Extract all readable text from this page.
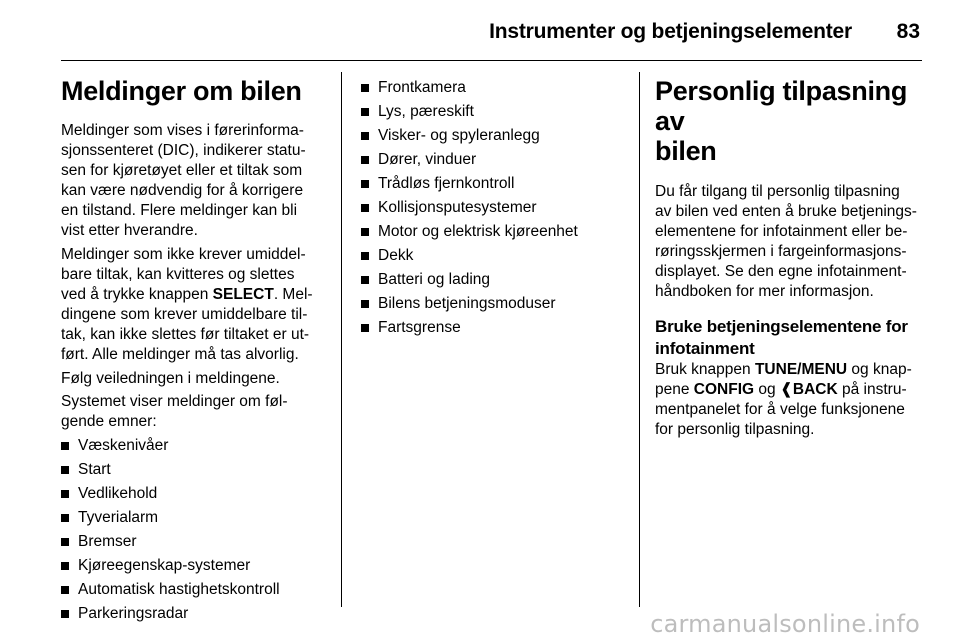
Instrumenter og betjeningselementer 83
Meldinger om bilen

Meldinger som vises i førerinforma-
sjonssenteret (DIC), indikerer statu-
sen for kjøretøyet eller et tiltak som
kan være nødvendig for å korrigere
en tilstand. Flere meldinger kan bli
vist etter hverandre.

Meldinger som ikke krever umiddel-
bare tiltak, kan kvitteres og slettes
ved å trykke knappen SELECT. Mel-
dingene som krever umiddelbare til-
tak, kan ikke slettes før tiltaket er ut-
ført. Alle meldinger må tas alvorlig.

Følg veiledningen i meldingene.

Systemet viser meldinger om føl-
gende emner:

Væskenivåer
Start
Vedlikehold
Tyverialarm
Bremser
Kjøreegenskap-systemer
Automatisk hastighetskontroll
Parkeringsradar
Frontkamera
Lys, pæreskift
Visker- og spyleranlegg
Dører, vinduer
Trådløs fjernkontroll
Kollisjonsputesystemer
Motor og elektrisk kjøreenhet
Dekk
Batteri og lading
Bilens betjeningsmoduser
Fartsgrense
Personlig tilpasning av
bilen

Du får tilgang til personlig tilpasning
av bilen ved enten å bruke betjenings-
elementene for infotainment eller be-
røringsskjermen i fargeinformasjons-
displayet. Se den egne infotainment-
håndboken for mer informasjon.

Bruke betjeningselementene for
infotainment

Bruk knappen TUNE/MENU og knap-
pene CONFIG og ❰BACK på instru-
mentpanelet for å velge funksjonene
for personlig tilpasning.

carmanualsonline.info
